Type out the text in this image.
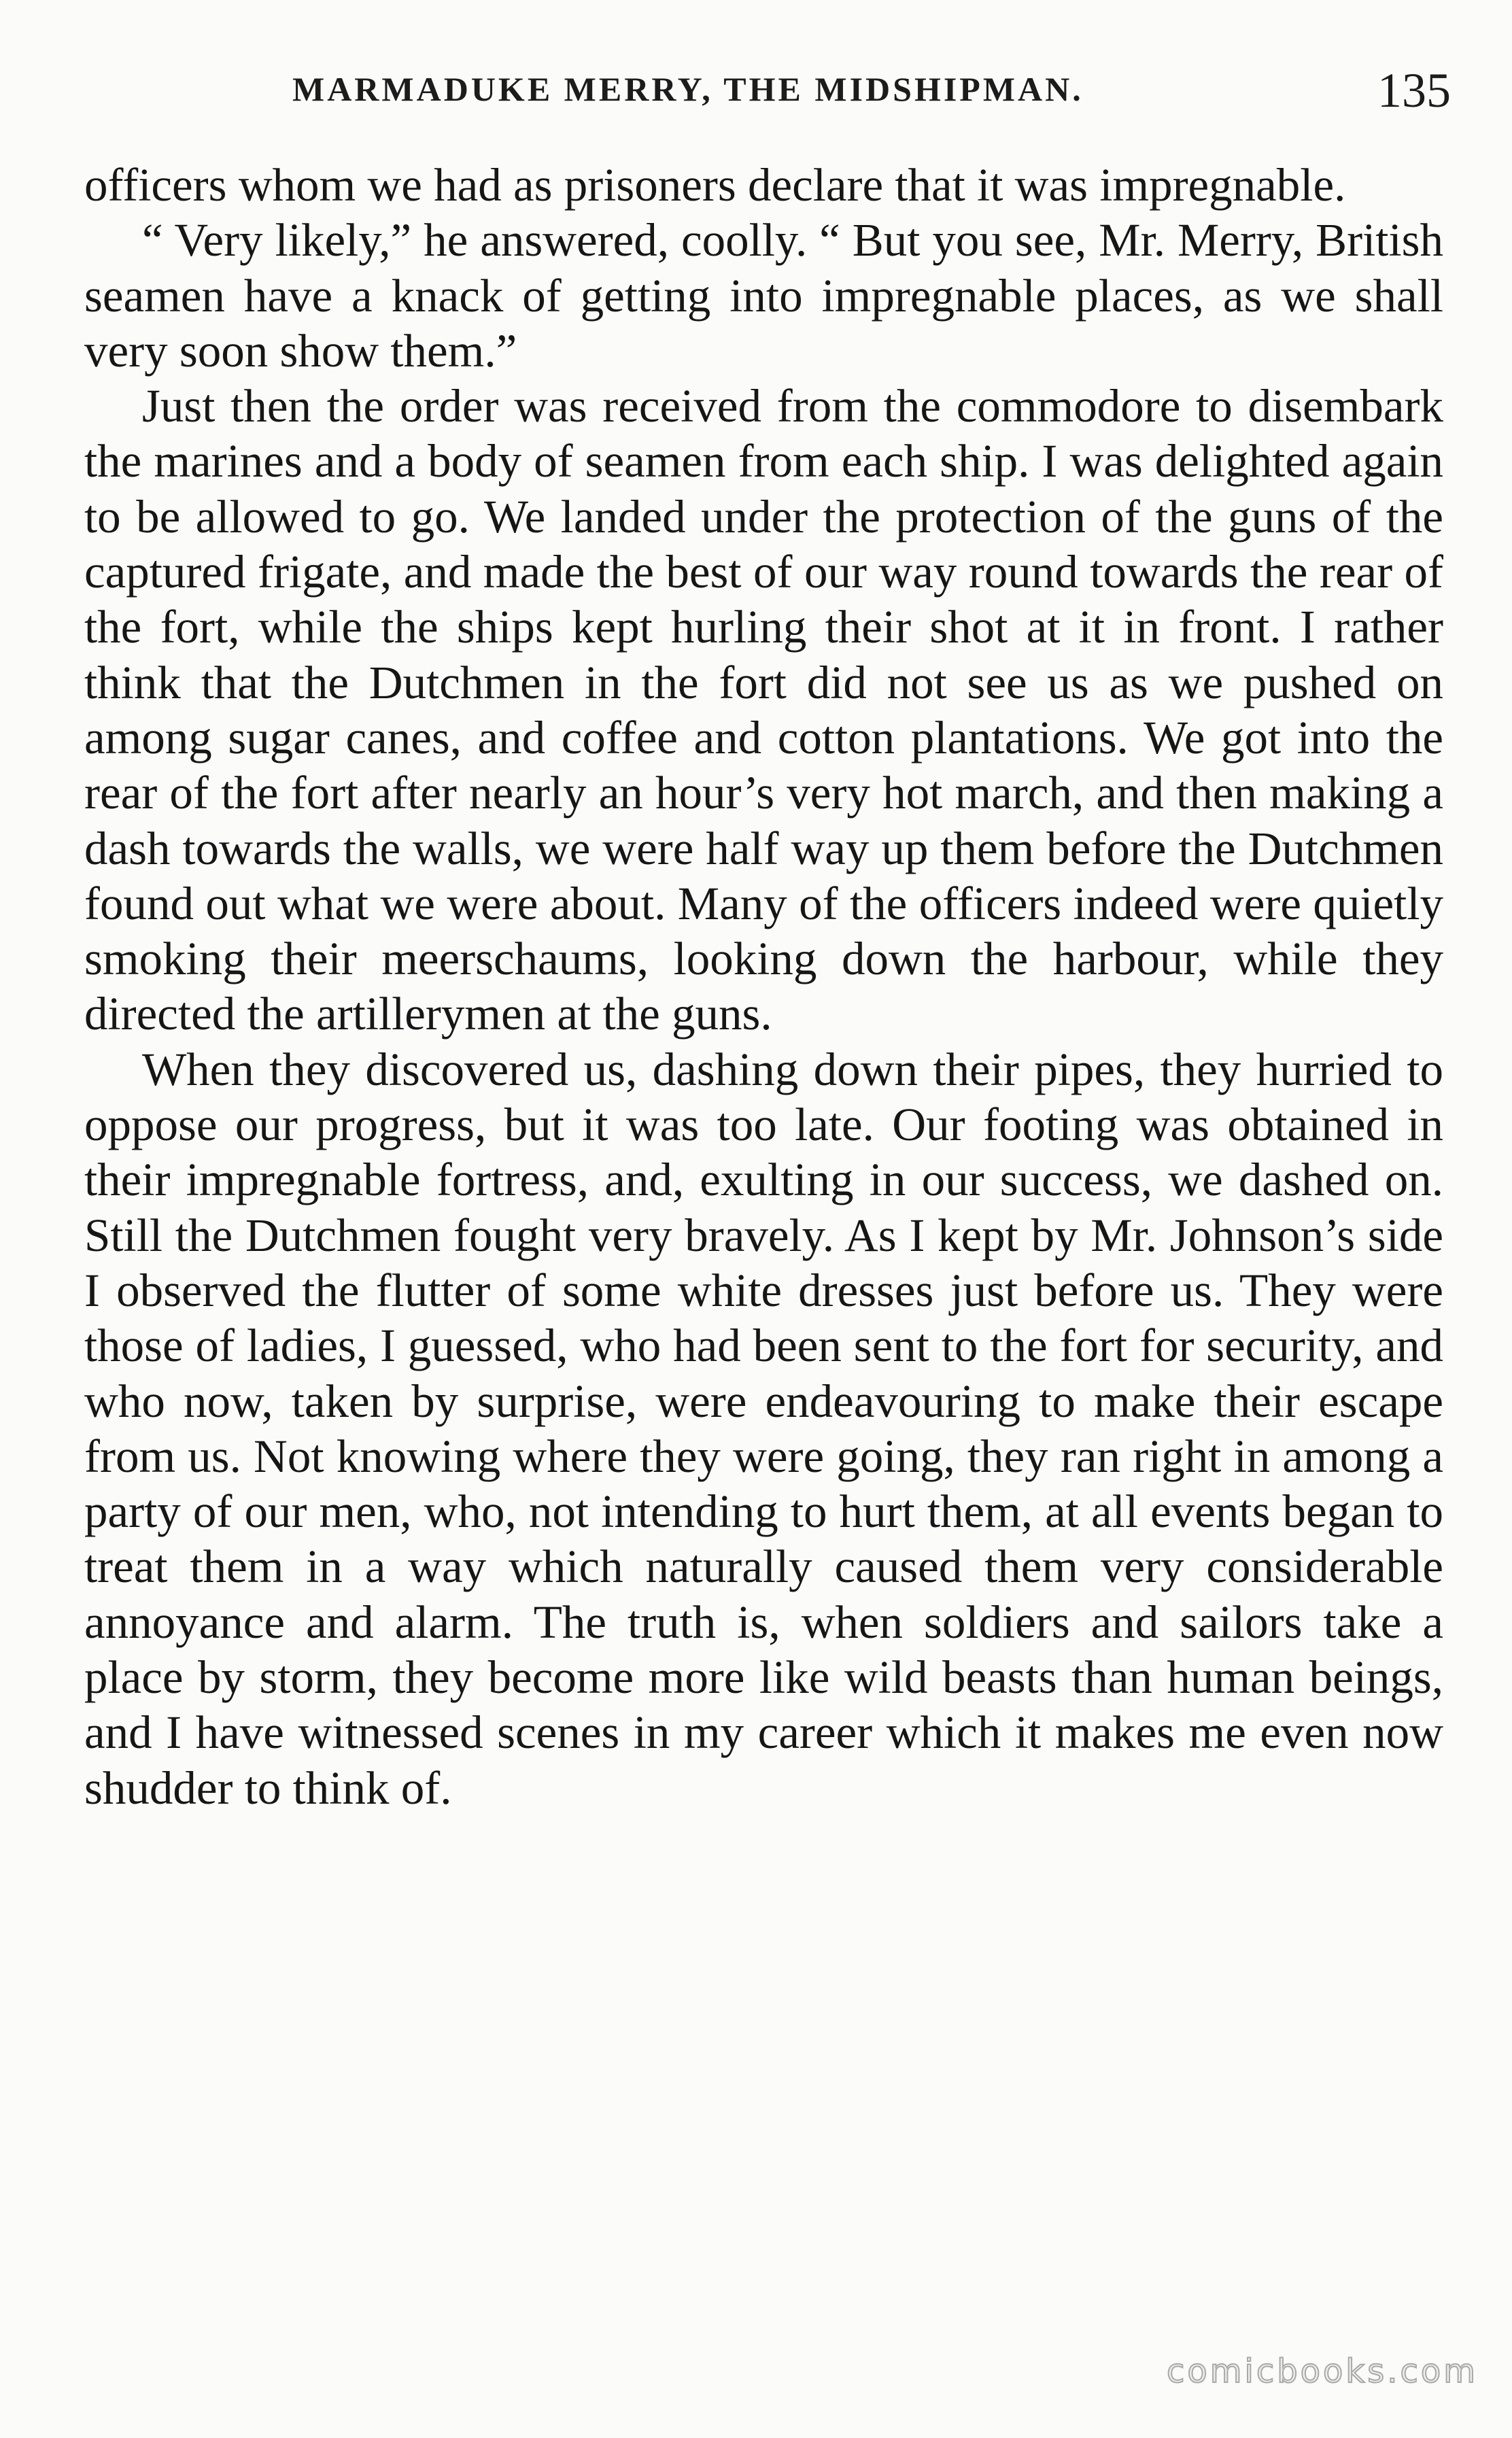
MARMADUKE MERRY, THE MIDSHIPMAN.	135

officers whom we had as prisoners declare that it was impregnable.

“ Very likely,” he answered, coolly. “ But you see, Mr. Merry, British seamen have a knack of getting into impregnable places, as we shall very soon show them.”

Just then the order was received from the commodore to disembark the marines and a body of seamen from each ship. I was delighted again to be allowed to go. We landed under the protection of the guns of the captured frigate, and made the best of our way round towards the rear of the fort, while the ships kept hurling their shot at it in front. I rather think that the Dutchmen in the fort did not see us as we pushed on among sugar canes, and coffee and cotton plantations. We got into the rear of the fort after nearly an hour’s very hot march, and then making a dash towards the walls, we were half way up them before the Dutchmen found out what we were about. Many of the officers indeed were quietly smoking their meerschaums, looking down the harbour, while they directed the artillerymen at the guns.

When they discovered us, dashing down their pipes, they hurried to oppose our progress, but it was too late. Our footing was obtained in their impregnable fortress, and, exulting in our success, we dashed on. Still the Dutchmen fought very bravely. As I kept by Mr. Johnson’s side I observed the flutter of some white dresses just before us. They were those of ladies, I guessed, who had been sent to the fort for security, and who now, taken by surprise, were endeavouring to make their escape from us. Not knowing where they were going, they ran right in among a party of our men, who, not intending to hurt them, at all events began to treat them in a way which naturally caused them very considerable annoyance and alarm. The truth is, when soldiers and sailors take a place by storm, they become more like wild beasts than human beings, and I have witnessed scenes in my career which it makes me even now shudder to think of.

comicbooks.com
